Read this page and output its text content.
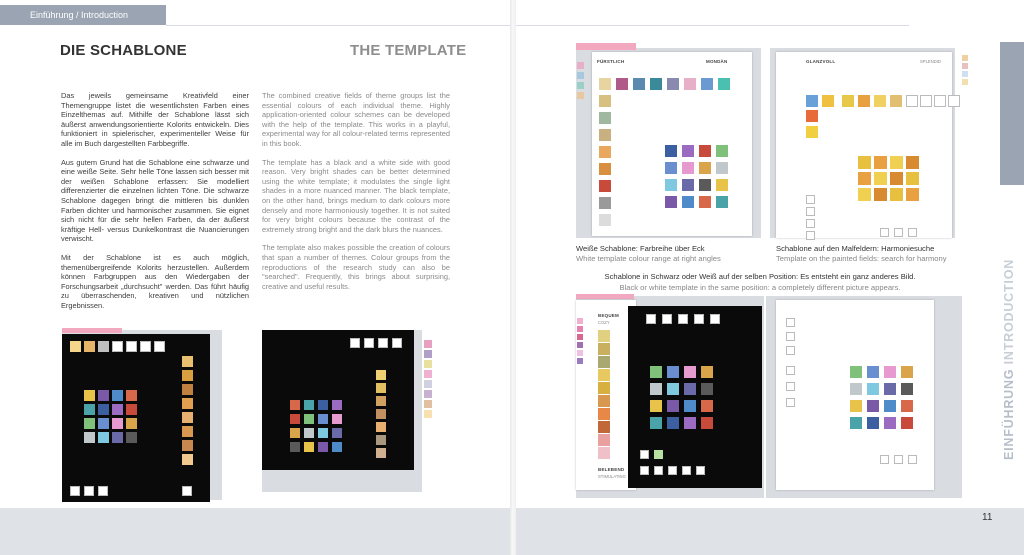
Einführung / Introduction
DIE SCHABLONE	THE TEMPLATE

Das jeweils gemeinsame Kreativfeld einer Themengruppe listet die wesentlichsten Farben eines Einzelthemas auf. Mithilfe der Schablone lässt sich äußerst anwendungsorientierte Kolorits entwickeln. Dies funktioniert in spielerischer, experimenteller Weise für alle im Buch dargestellten Farbbegriffe.

Aus gutem Grund hat die Schablone eine schwarze und eine weiße Seite. Sehr helle Töne lassen sich besser mit der weißen Schablone erfassen: Sie modelliert differenzierter die einzelnen lichten Töne. Die schwarze Schablone dagegen bringt die mittleren bis dunklen Farben dichter und harmonischer zusammen. Sie eignet sich nicht für die sehr hellen Farben, da der äußerst kräftige Hell- versus Dunkelkontrast die Nuancierungen verwischt.

Mit der Schablone ist es auch möglich, themenübergreifende Kolorits herzustellen. Außerdem können Farbgruppen aus den Wiedergaben der Forschungsarbeit „durchsucht" werden. Das führt häufig zu überraschenden, kreativen und nützlichen Ergebnissen.

The combined creative fields of theme groups list the essential colours of each individual theme. Highly application-oriented colour schemes can be developed with the help of the template. This works in a playful, experimental way for all colour-related terms represented in this book.

The template has a black and a white side with good reason. Very bright shades can be better determined using the white template; it modulates the single light shades in a more nuanced manner. The black template, on the other hand, brings medium to dark colours more densely and more harmoniously together. It is not suited for very bright colours because the contrast of the extremely strong bright and the dark blurs the nuances.

The template also makes possible the creation of colours that span a number of themes. Colour groups from the reproductions of the research study can also be "searched". Frequently, this brings about surprising, creative and useful results.

11
EINFÜHRUNG INTRODUCTION
FÜRSTLICH	MONDÄN	GLANZVOLL	SPLENDID
Weiße Schablone: Farbreihe über Eck
White template colour range at right angles
Schablone auf den Malfeldern: Harmoniesuche
Template on the painted fields: search for harmony
Schablone in Schwarz oder Weiß auf der selben Position: Es entsteht ein ganz anderes Bild.
Black or white template in the same position: a completely different picture appears.
BEQUEM
COZY
BELEBEND
STIMULATING
